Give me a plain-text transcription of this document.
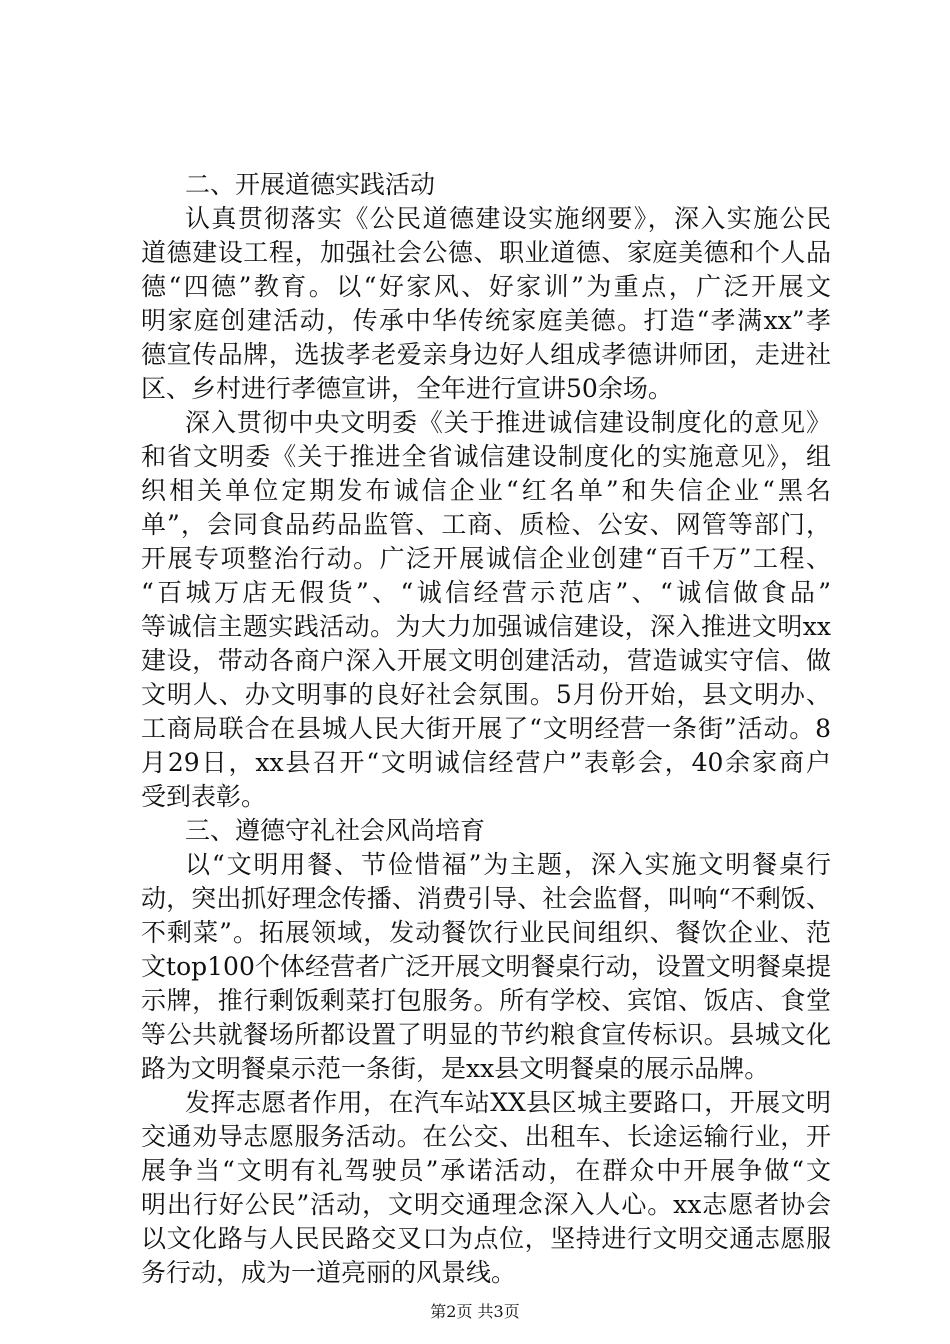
二、开展道德实践活动
认真贯彻落实《公民道德建设实施纲要》，深入实施公民
道德建设工程，加强社会公德、职业道德、家庭美德和个人品
德“四德”教育。以“好家风、好家训”为重点，广泛开展文
明家庭创建活动，传承中华传统家庭美德。打造“孝满xx”孝
德宣传品牌，选拔孝老爱亲身边好人组成孝德讲师团，走进社
区、乡村进行孝德宣讲，全年进行宣讲50余场。
深入贯彻中央文明委《关于推进诚信建设制度化的意见》
和省文明委《关于推进全省诚信建设制度化的实施意见》，组
织相关单位定期发布诚信企业“红名单”和失信企业“黑名
单”，会同食品药品监管、工商、质检、公安、网管等部门，
开展专项整治行动。广泛开展诚信企业创建“百千万”工程、
“百城万店无假货”、“诚信经营示范店”、“诚信做食品”
等诚信主题实践活动。为大力加强诚信建设，深入推进文明xx
建设，带动各商户深入开展文明创建活动，营造诚实守信、做
文明人、办文明事的良好社会氛围。5月份开始，县文明办、
工商局联合在县城人民大街开展了“文明经营一条街”活动。8
月29日，xx县召开“文明诚信经营户”表彰会，40余家商户
受到表彰。
三、遵德守礼社会风尚培育
以“文明用餐、节俭惜福”为主题，深入实施文明餐桌行
动，突出抓好理念传播、消费引导、社会监督，叫响“不剩饭、
不剩菜”。拓展领域，发动餐饮行业民间组织、餐饮企业、范
文top100个体经营者广泛开展文明餐桌行动，设置文明餐桌提
示牌，推行剩饭剩菜打包服务。所有学校、宾馆、饭店、食堂
等公共就餐场所都设置了明显的节约粮食宣传标识。县城文化
路为文明餐桌示范一条街，是xx县文明餐桌的展示品牌。
发挥志愿者作用，在汽车站XX县区城主要路口，开展文明
交通劝导志愿服务活动。在公交、出租车、长途运输行业，开
展争当“文明有礼驾驶员”承诺活动，在群众中开展争做“文
明出行好公民”活动，文明交通理念深入人心。xx志愿者协会
以文化路与人民民路交叉口为点位，坚持进行文明交通志愿服
务行动，成为一道亮丽的风景线。
第2页 共3页
